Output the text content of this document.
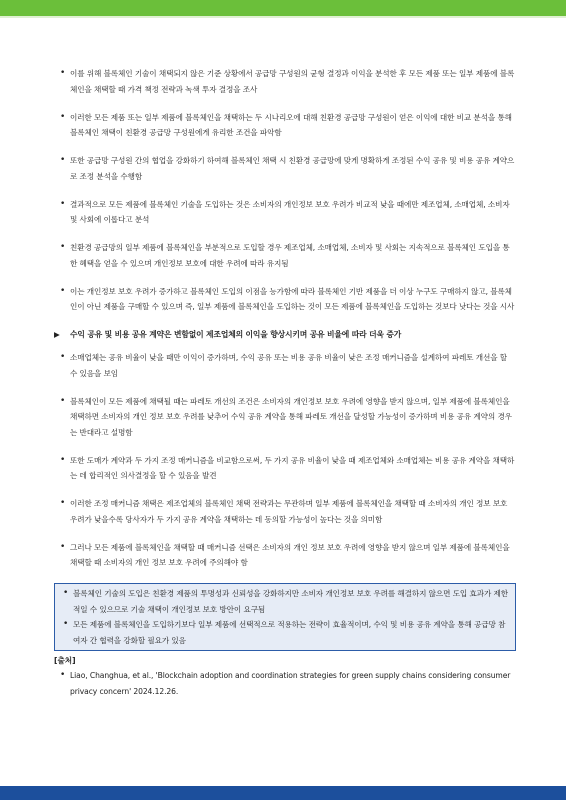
• 이를 위해 블록체인 기술이 채택되지 않은 기준 상황에서 공급망 구성원의 균형 결정과 이익을 분석한 후 모든 제품 또는 일부 제품에 블록체인을 채택할 때 가격 책정 전략과 녹색 투자 결정을 조사
• 이러한 모든 제품 또는 일부 제품에 블록체인을 채택하는 두 시나리오에 대해 친환경 공급망 구성원이 얻은 이익에 대한 비교 분석을 통해 블록체인 채택이 친환경 공급망 구성원에게 유리한 조건을 파악함
• 또한 공급망 구성원 간의 협업을 강화하기 하여해 블록체인 채택 시 친환경 공급망에 맞게 명확하게 조정된 수익 공유 및 비용 공유 계약으로 조정 분석을 수행함
• 결과적으로 모든 제품에 블록체인 기술을 도입하는 것은 소비자의 개인정보 보호 우려가 비교적 낮을 때에만 제조업체, 소매업체, 소비자 및 사회에 이롭다고 분석
• 친환경 공급망의 일부 제품에 블록체인을 부분적으로 도입할 경우 제조업체, 소매업체, 소비자 및 사회는 지속적으로 블록체인 도입을 통한 혜택을 얻을 수 있으며 개인정보 보호에 대한 우려에 따라 유지됨
• 이는 개인정보 보호 우려가 증가하고 블록체인 도입의 이점을 능가함에 따라 블록체인 기반 제품을 더 이상 누구도 구매하지 않고, 블록체인이 아닌 제품을 구매할 수 있으며 즉, 일부 제품에 블록체인을 도입하는 것이 모든 제품에 블록체인을 도입하는 것보다 낫다는 것을 시사
▶ 수익 공유 및 비용 공유 계약은 변함없이 제조업체의 이익을 향상시키며 공유 비율에 따라 더욱 증가
• 소매업체는 공유 비율이 낮을 때만 이익이 증가하며, 수익 공유 또는 비용 공유 비율이 낮은 조정 매커니즘을 설계하여 파레토 개선을 할 수 있음을 보임
• 블록체인이 모든 제품에 채택될 때는 파레토 개선의 조건은 소비자의 개인정보 보호 우려에 영향을 받지 않으며, 일부 제품에 블록체인을 채택하면 소비자의 개인 정보 보호 우려를 낮추어 수익 공유 계약을 통해 파레토 개선을 달성할 가능성이 증가하며 비용 공유 계약의 경우는 반대라고 설명함
• 또한 도매가 계약과 두 가지 조정 매커니즘을 비교함으로써, 두 가지 공유 비율이 낮을 때 제조업체와 소매업체는 비용 공유 계약을 채택하는 데 합리적인 의사결정을 할 수 있음을 발견
• 이러한 조정 매커니즘 채택은 제조업체의 블록체인 채택 전략과는 무관하며 일부 제품에 블록체인을 채택할 때 소비자의 개인 정보 보호 우려가 낮을수록 당사자가 두 가지 공유 계약을 채택하는 데 동의할 가능성이 높다는 것을 의미함
• 그러나 모든 제품에 블록체인을 채택할 때 매커니즘 선택은 소비자의 개인 정보 보호 우려에 영향을 받지 않으며 일부 제품에 블록체인을 채택할 때 소비자의 개인 정보 보호 우려에 주의해야 함
• 블록체인 기술의 도입은 친환경 제품의 투명성과 신뢰성을 강화하지만 소비자 개인정보 보호 우려를 해결하지 않으면 도입 효과가 제한적일 수 있으므로 기술 채택이 개인정보 보호 방안이 요구됨
• 모든 제품에 블록체인을 도입하기보다 일부 제품에 선택적으로 적용하는 전략이 효율적이며, 수익 및 비용 공유 계약을 통해 공급망 참여자 간 협력을 강화할 필요가 있음
[출처]
• Liao, Changhua, et al., 'Blockchain adoption and coordination strategies for green supply chains considering consumer privacy concern' 2024.12.26.
